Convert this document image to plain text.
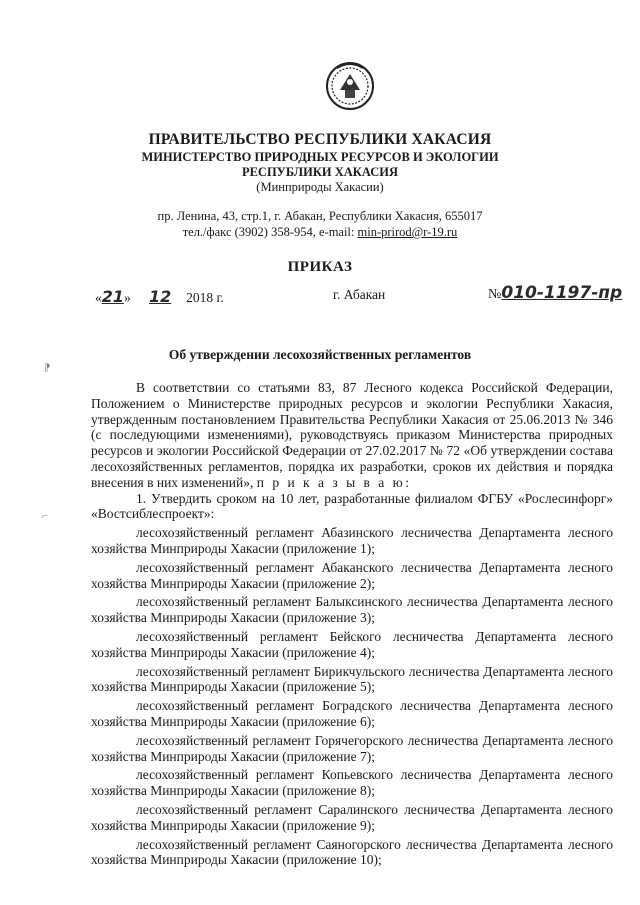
ПРАВИТЕЛЬСТВО РЕСПУБЛИКИ ХАКАСИЯ
МИНИСТЕРСТВО ПРИРОДНЫХ РЕСУРСОВ И ЭКОЛОГИИ
РЕСПУБЛИКИ ХАКАСИЯ
(Минприроды Хакасии)
пр. Ленина, 43, стр.1, г. Абакан, Республики Хакасия, 655017
тел./факс (3902) 358-954, e-mail: min-prirod@r-19.ru
ПРИКАЗ
«21» 12 2018 г.	г. Абакан	№010-1197-пр
Об утверждении лесохозяйственных регламентов
⁋
⌐

В соответствии со статьями 83, 87 Лесного кодекса Российской Федерации, Положением о Министерстве природных ресурсов и экологии Республики Хакасия, утвержденным постановлением Правительства Республики Хакасия от 25.06.2013 № 346 (с последующими изменениями), руководствуясь приказом Министерства природных ресурсов и экологии Российской Федерации от 27.02.2017 № 72 «Об утверждении состава лесохозяйственных регламентов, порядка их разработки, сроков их действия и порядка внесения в них изменений», п р и к а з ы в а ю:

1. Утвердить сроком на 10 лет, разработанные филиалом ФГБУ «Рослесинфорг» «Востсиблеспроект»:

лесохозяйственный регламент Абазинского лесничества Департамента лесного хозяйства Минприроды Хакасии (приложение 1);

лесохозяйственный регламент Абаканского лесничества Департамента лесного хозяйства Минприроды Хакасии (приложение 2);

лесохозяйственный регламент Балыксинского лесничества Департамента лесного хозяйства Минприроды Хакасии (приложение 3);

лесохозяйственный регламент Бейского лесничества Департамента лесного хозяйства Минприроды Хакасии (приложение 4);

лесохозяйственный регламент Бирикчульского лесничества Департамента лесного хозяйства Минприроды Хакасии (приложение 5);

лесохозяйственный регламент Боградского лесничества Департамента лесного хозяйства Минприроды Хакасии (приложение 6);

лесохозяйственный регламент Горячегорского лесничества Департамента лесного хозяйства Минприроды Хакасии (приложение 7);

лесохозяйственный регламент Копьевского лесничества Департамента лесного хозяйства Минприроды Хакасии (приложение 8);

лесохозяйственный регламент Саралинского лесничества Департамента лесного хозяйства Минприроды Хакасии (приложение 9);

лесохозяйственный регламент Саяногорского лесничества Департамента лесного хозяйства Минприроды Хакасии (приложение 10);
